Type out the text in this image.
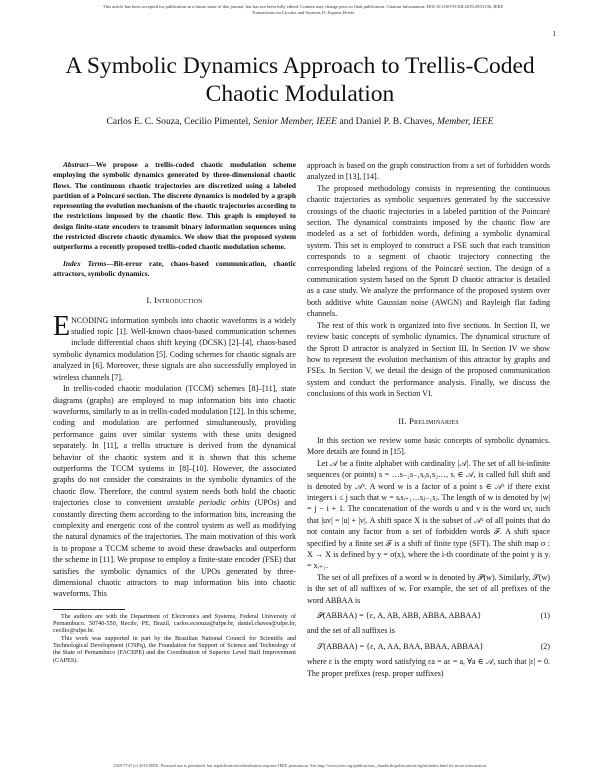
This article has been accepted for publication in a future issue of this journal, but has not been fully edited. Content may change prior to final publication. Citation information: DOI 10.1109/TCSII.2019.2953136, IEEE
Transactions on Circuits and Systems II: Express Briefs
1
A Symbolic Dynamics Approach to Trellis-Coded Chaotic Modulation
Carlos E. C. Souza, Cecilio Pimentel, Senior Member, IEEE and Daniel P. B. Chaves, Member, IEEE

Abstract—We propose a trellis-coded chaotic modulation scheme employing the symbolic dynamics generated by three-dimensional chaotic flows. The continuous chaotic trajectories are discretized using a labeled partition of a Poincaré section. The discrete dynamics is modeled by a graph representing the evolution mechanism of the chaotic trajectories according to the restrictions imposed by the chaotic flow. This graph is employed to design finite-state encoders to transmit binary information sequences using the restricted discrete chaotic dynamics. We show that the proposed system outperforms a recently proposed trellis-coded chaotic modulation scheme.

Index Terms—Bit-error rate, chaos-based communication, chaotic attractors, symbolic dynamics.

I. Introduction

ENCODING information symbols into chaotic waveforms is a widely studied topic [1]. Well-known chaos-based communication schemes include differential chaos shift keying (DCSK) [2]–[4], chaos-based symbolic dynamics modulation [5]. Coding schemes for chaotic signals are analyzed in [6]. Moreover, these signals are also successfully employed in wireless channels [7].

In trellis-coded chaotic modulation (TCCM) schemes [8]–[11], state diagrams (graphs) are employed to map information bits into chaotic waveforms, similarly to as in trellis-coded modulation [12]. In this scheme, coding and modulation are performed simultaneously, providing performance gains over similar systems with these units designed separately. In [11], a trellis structure is derived from the dynamical behavior of the chaotic system and it is shown that this scheme outperforms the TCCM systems in [8]–[10]. However, the associated graphs do not consider the constraints in the symbolic dynamics of the chaotic flow. Therefore, the control system needs both hold the chaotic trajectories close to convenient unstable periodic orbits (UPOs) and constantly directing them according to the information bits, increasing the complexity and energetic cost of the control system as well as modifying the natural dynamics of the trajectories. The main motivation of this work is to propose a TCCM scheme to avoid these drawbacks and outperform the scheme in [11]. We propose to employ a finite-state encoder (FSE) that satisfies the symbolic dynamics of the UPOs generated by three-dimensional chaotic attractors to map information bits into chaotic waveforms. This

The authors are with the Department of Electronics and Systems, Federal University of Pernambuco. 50740-550, Recife, PE, Brazil, carlos.ecsouza@ufpe.br, daniel.chaves@ufpe.br, cecilio@ufpe.br.

This work was supported in part by the Brazilian National Council for Scientific and Technological Development (CNPq), the Foundation for Support of Science and Technology of the State of Pernambuco (FACEPE) and the Coordination of Superior Level Staff Improvement (CAPES).

approach is based on the graph construction from a set of forbidden words analyzed in [13], [14].

The proposed methodology consists in representing the continuous chaotic trajectories as symbolic sequences generated by the successive crossings of the chaotic trajectories in a labeled partition of the Poincaré section. The dynamical constraints imposed by the chaotic flow are modeled as a set of forbidden words, defining a symbolic dynamical system. This set is employed to construct a FSE such that each transition corresponds to a segment of chaotic trajectory connecting the corresponding labeled regions of the Poincaré section. The design of a communication system based on the Sprott D chaotic attractor is detailed as a case study. We analyze the performance of the proposed system over both additive white Gaussian noise (AWGN) and Rayleigh flat fading channels.

The rest of this work is organized into five sections. In Section II, we review basic concepts of symbolic dynamics. The dynamical structure of the Sprott D attractor is analyzed in Section III. In Section IV we show how to represent the evolution mechanism of this attractor by graphs and FSEs. In Section V, we detail the design of the proposed communication system and conduct the performance analysis. Finally, we discuss the conclusions of this work in Section VI.

II. Preliminaries

In this section we review some basic concepts of symbolic dynamics. More details are found in [15].

Let 𝒜 be a finite alphabet with cardinality |𝒜|. The set of all bi-infinite sequences (or points) s = …s₋₂s₋₁s₀s₁s₂…, sᵢ ∈ 𝒜, is called full shift and is denoted by 𝒜ᶻ. A word w is a factor of a point s ∈ 𝒜ᶻ if there exist integers i ≤ j such that w = sᵢsᵢ₊₁…sⱼ₋₁sⱼ. The length of w is denoted by |w| = j − i + 1. The concatenation of the words u and v is the word uv, such that |uv| = |u| + |v|. A shift space X is the subset of 𝒜ᶻ of all points that do not contain any factor from a set of forbidden words ℱ. A shift space specified by a finite set ℱ is a shift of finite type (SFT). The shift map σ : X → X is defined by y = σ(x), where the i-th coordinate of the point y is yᵢ = xᵢ₊₁.

The set of all prefixes of a word w is denoted by 𝒫(w). Similarly, 𝒮(w) is the set of all suffixes of w. For example, the set of all prefixes of the word ABBAA is

𝒫(ABBAA) = {ε, A, AB, ABB, ABBA, ABBAA}	(1)

and the set of all suffixes is

𝒮(ABBAA) = {ε, A, AA, BAA, BBAA, ABBAA}	(2)

where ε is the empty word satisfying εa = aε = a, ∀a ∈ 𝒜, such that |ε| = 0. The proper prefixes (resp. proper suffixes)

1549-7747 (c) 2019 IEEE. Personal use is permitted, but republication/redistribution requires IEEE permission. See http://www.ieee.org/publications_standards/publications/rights/index.html for more information.
